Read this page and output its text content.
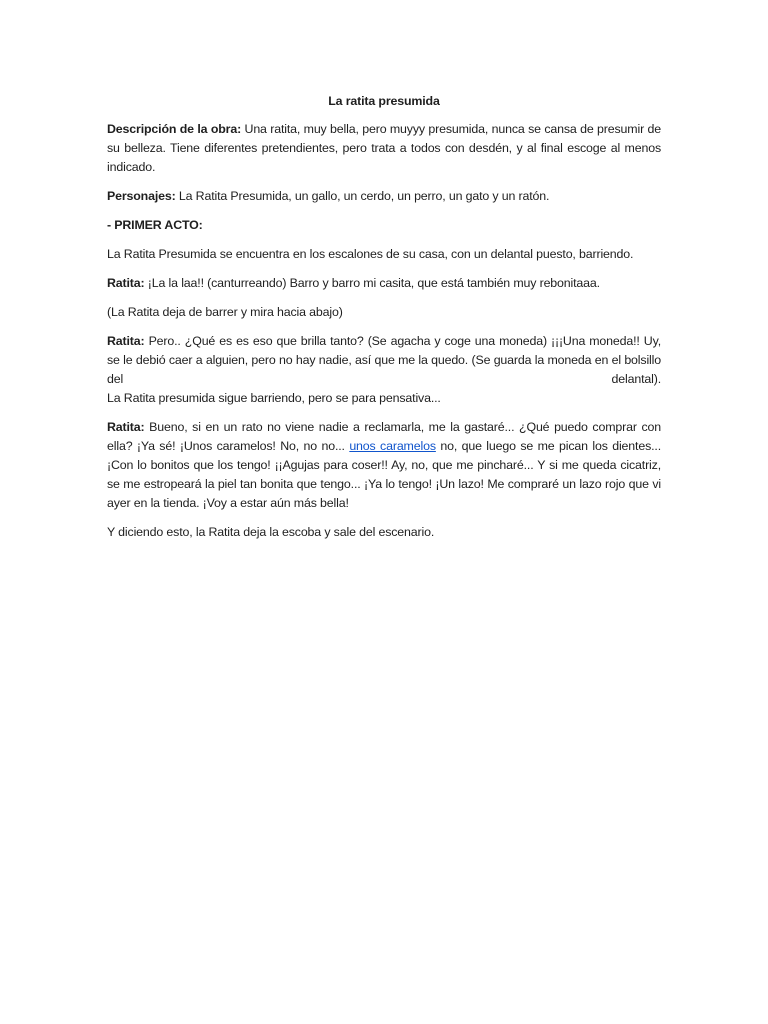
La ratita presumida

Descripción de la obra: Una ratita, muy bella, pero muyyy presumida, nunca se cansa de presumir de su belleza. Tiene diferentes pretendientes, pero trata a todos con desdén, y al final escoge al menos indicado.

Personajes: La Ratita Presumida, un gallo, un cerdo, un perro, un gato y un ratón.

- PRIMER ACTO:

La Ratita Presumida se encuentra en los escalones de su casa, con un delantal puesto, barriendo.

Ratita: ¡La la laa!! (canturreando) Barro y barro mi casita, que está también muy rebonitaaa.

(La Ratita deja de barrer y mira hacia abajo)

Ratita: Pero.. ¿Qué es es eso que brilla tanto? (Se agacha y coge una moneda) ¡¡¡Una moneda!! Uy, se le debió caer a alguien, pero no hay nadie, así que me la quedo. (Se guarda la moneda en el bolsillo del delantal).

La Ratita presumida sigue barriendo, pero se para pensativa...

Ratita: Bueno, si en un rato no viene nadie a reclamarla, me la gastaré... ¿Qué puedo comprar con ella? ¡Ya sé! ¡Unos caramelos! No, no no... unos caramelos no, que luego se me pican los dientes...¡Con lo bonitos que los tengo! ¡¡Agujas para coser!! Ay, no, que me pincharé... Y si me queda cicatriz, se me estropeará la piel tan bonita que tengo... ¡Ya lo tengo! ¡Un lazo! Me compraré un lazo rojo que vi ayer en la tienda. ¡Voy a estar aún más bella!

Y diciendo esto, la Ratita deja la escoba y sale del escenario.
